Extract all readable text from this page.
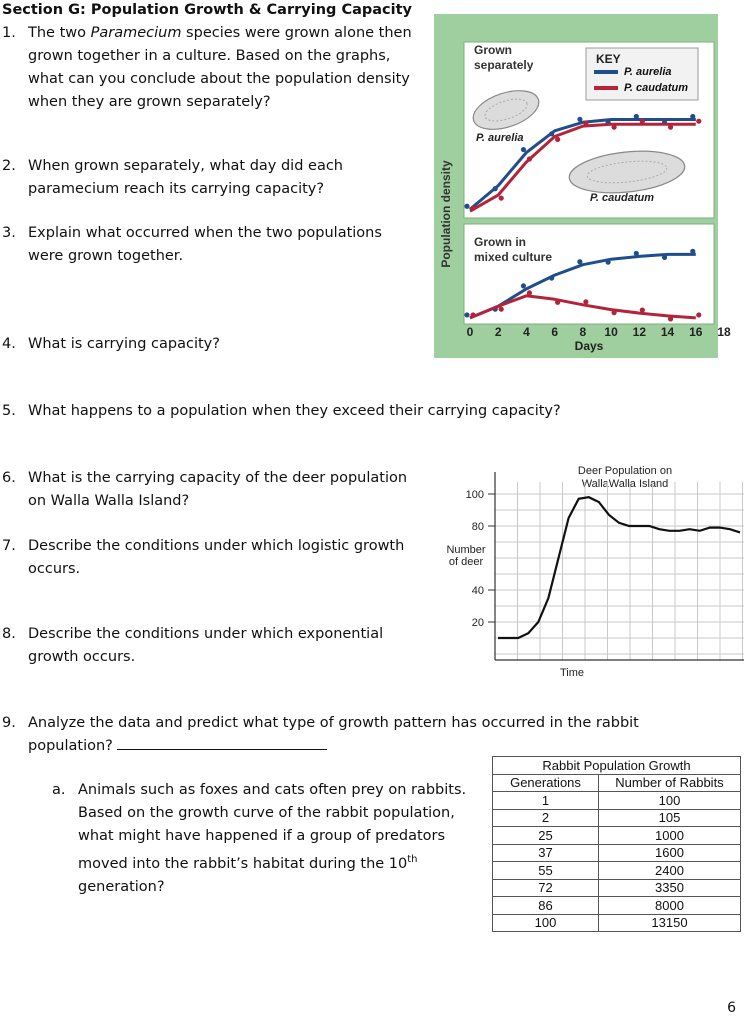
Section G: Population Growth & Carrying Capacity
1. The two Paramecium species were grown alone then
grown together in a culture. Based on the graphs,
what can you conclude about the population density
when they are grown separately?
2. When grown separately, what day did each
paramecium reach its carrying capacity?
3. Explain what occurred when the two populations
were grown together.
4. What is carrying capacity?
5. What happens to a population when they exceed their carrying capacity?
6. What is the carrying capacity of the deer population
on Walla Walla Island?
7. Describe the conditions under which logistic growth
occurs.
8. Describe the conditions under which exponential
growth occurs.
9. Analyze the data and predict what type of growth pattern has occurred in the rabbit
population?
a. Animals such as foxes and cats often prey on rabbits.
Based on the growth curve of the rabbit population,
what might have happened if a group of predators
moved into the rabbit’s habitat during the 10th
generation?
KEY
P. aurelia
P. caudatum
Grown
separately
Grown in
mixed culture
P. aurelia
P. caudatum
Population density
0 2 4 6 8 10 12 14 16 18
Days
Deer Population on
WallaWalla Island
100
80
40
20
Number
of deer
Time
Rabbit Population Growth	
Generations	Number of Rabbits
1	100
2	105
25	1000
37	1600
55	2400
72	3350
86	8000
100	13150
6
